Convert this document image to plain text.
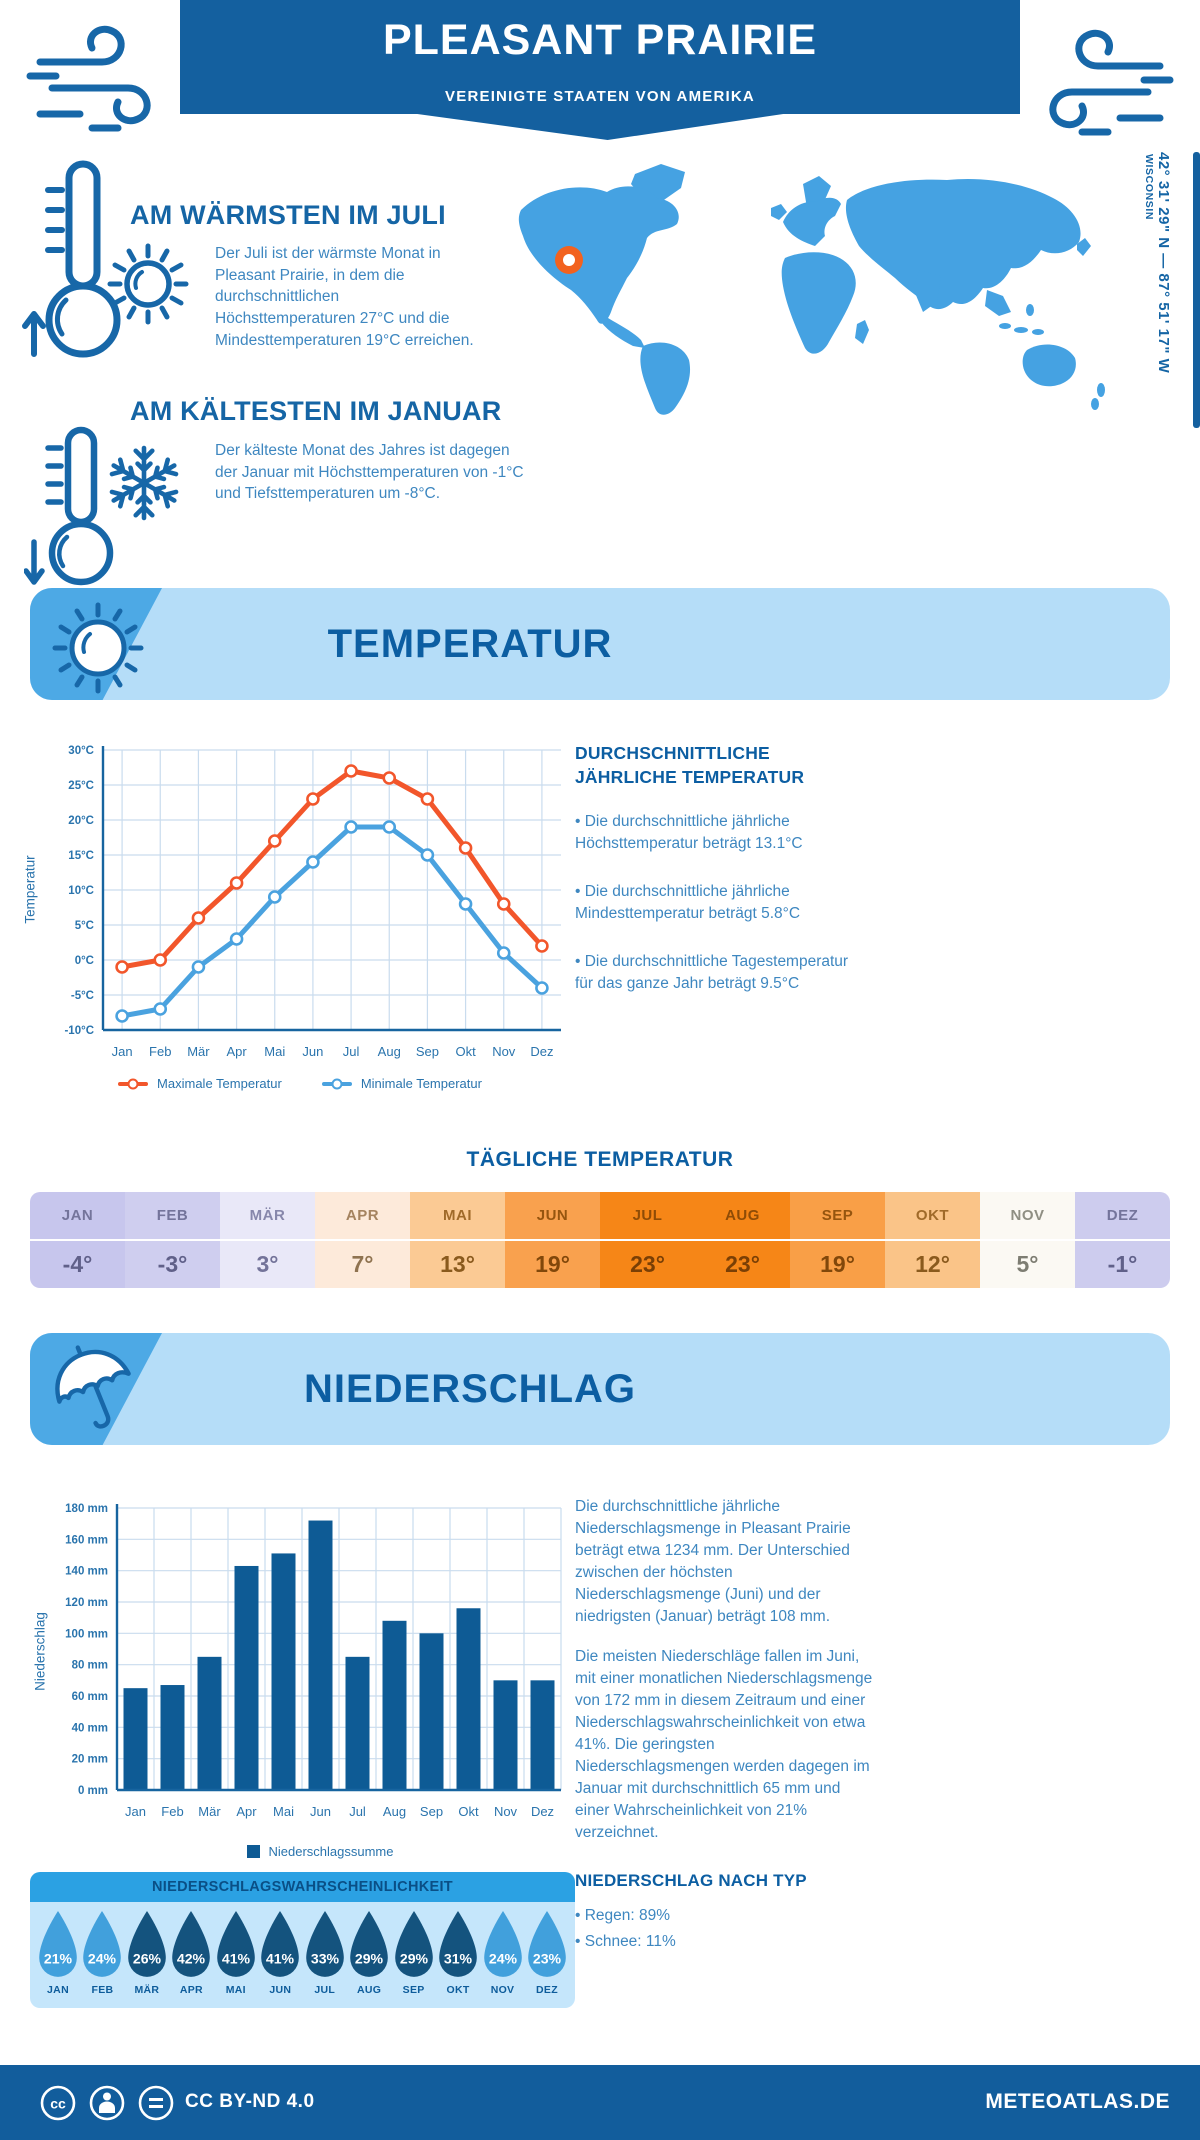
PLEASANT PRAIRIE
VEREINIGTE STAATEN VON AMERIKA
AM WÄRMSTEN IM JULI

Der Juli ist der wärmste Monat in Pleasant Prairie, in dem die durchschnittlichen Höchsttemperaturen 27°C und die Mindesttemperaturen 19°C erreichen.	42° 31' 29" N — 87° 51' 17" W
WISCONSIN
AM KÄLTESTEN IM JANUAR

Der kälteste Monat des Jahres ist dagegen der Januar mit Höchsttemperaturen von -1°C und Tiefsttemperaturen um -8°C.

TEMPERATUR
Jan Feb Mär Apr Mai Jun Jul Aug Sep Okt Nov Dez
-10°C
-5°C
0°C
5°C
10°C
15°C
20°C
25°C
30°C
Temperatur
Maximale Temperatur	Minimale Temperatur
DURCHSCHNITTLICHE JÄHRLICHE TEMPERATUR
• Die durchschnittliche jährliche Höchsttemperatur beträgt 13.1°C
• Die durchschnittliche jährliche Mindesttemperatur beträgt 5.8°C
• Die durchschnittliche Tagestemperatur für das ganze Jahr beträgt 9.5°C
TÄGLICHE TEMPERATUR
JAN	FEB	MÄR	APR	MAI	JUN	JUL	AUG	SEP	OKT	NOV	DEZ
-4°	-3°	3°	7°	13°	19°	23°	23°	19°	12°	5°	-1°
NIEDERSCHLAG
0 mm
20 mm
40 mm
60 mm
80 mm
100 mm
120 mm
140 mm
160 mm
180 mm
Jan Feb Mär Apr Mai Jun Jul Aug Sep Okt Nov Dez
Niederschlag
Niederschlagssumme

Die durchschnittliche jährliche Niederschlagsmenge in Pleasant Prairie beträgt etwa 1234 mm. Der Unterschied zwischen der höchsten Niederschlagsmenge (Juni) und der niedrigsten (Januar) beträgt 108 mm.

Die meisten Niederschläge fallen im Juni, mit einer monatlichen Niederschlagsmenge von 172 mm in diesem Zeitraum und einer Niederschlagswahrscheinlichkeit von etwa 41%. Die geringsten Niederschlagsmengen werden dagegen im Januar mit durchschnittlich 65 mm und einer Wahrscheinlichkeit von 21% verzeichnet.

NIEDERSCHLAG NACH TYP
• Regen: 89%
• Schnee: 11%
NIEDERSCHLAGSWAHRSCHEINLICHKEIT
21%
JAN
24%
FEB
26%
MÄR
42%
APR
41%
MAI
41%
JUN
33%
JUL
29%
AUG
29%
SEP
31%
OKT
24%
NOV
23%
DEZ
cc	CC BY-ND 4.0	METEOATLAS.DE
